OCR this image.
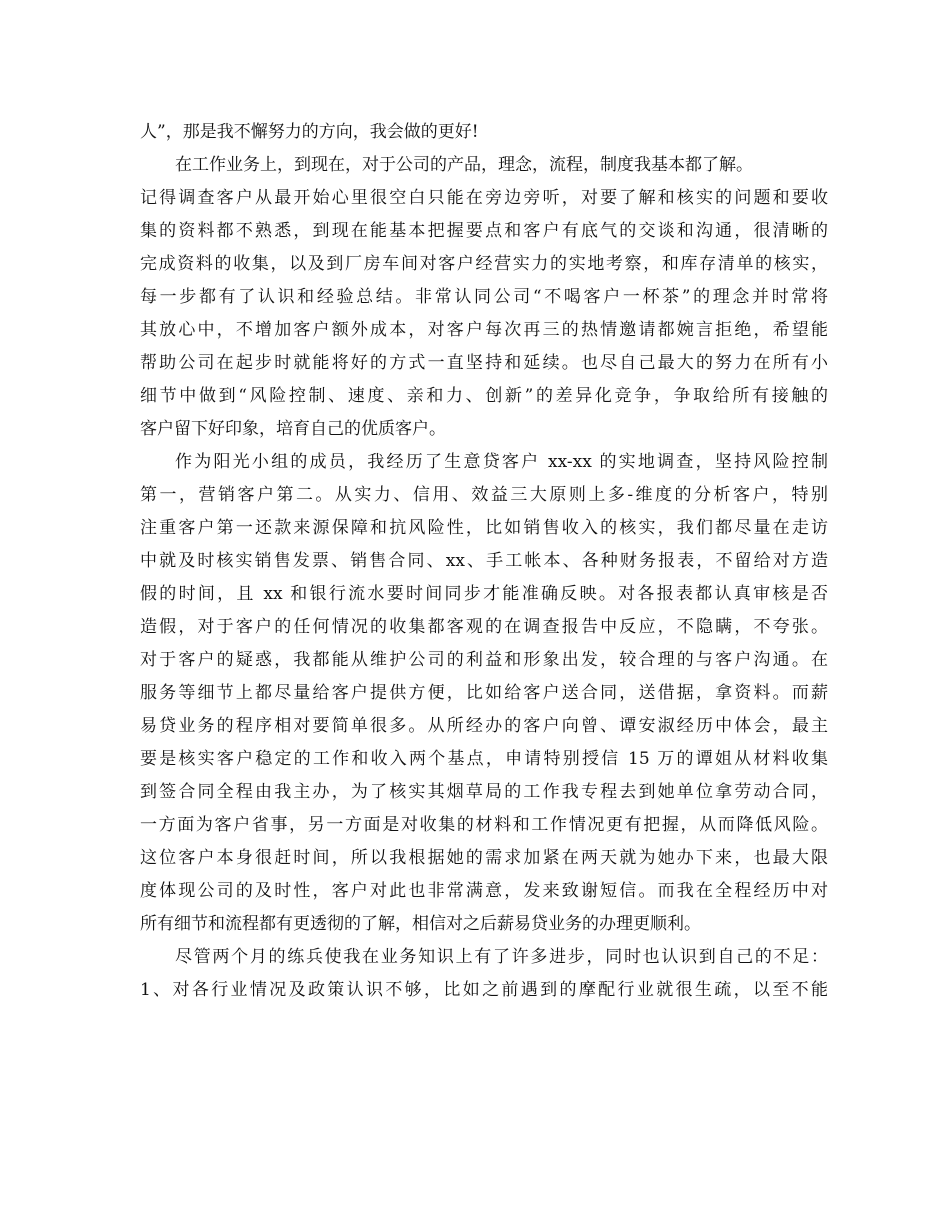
人”，那是我不懈努力的方向，我会做的更好!
在工作业务上，到现在，对于公司的产品，理念，流程，制度我基本都了解。
记得调查客户从最开始心里很空白只能在旁边旁听，对要了解和核实的问题和要收
集的资料都不熟悉，到现在能基本把握要点和客户有底气的交谈和沟通，很清晰的
完成资料的收集，以及到厂房车间对客户经营实力的实地考察，和库存清单的核实，
每一步都有了认识和经验总结。非常认同公司“不喝客户一杯茶”的理念并时常将
其放心中，不增加客户额外成本，对客户每次再三的热情邀请都婉言拒绝，希望能
帮助公司在起步时就能将好的方式一直坚持和延续。也尽自己最大的努力在所有小
细节中做到“风险控制、速度、亲和力、创新”的差异化竞争，争取给所有接触的
客户留下好印象，培育自己的优质客户。
作为阳光小组的成员，我经历了生意贷客户 xx-xx 的实地调查，坚持风险控制
第一，营销客户第二。从实力、信用、效益三大原则上多-维度的分析客户，特别
注重客户第一还款来源保障和抗风险性，比如销售收入的核实，我们都尽量在走访
中就及时核实销售发票、销售合同、xx、手工帐本、各种财务报表，不留给对方造
假的时间，且 xx 和银行流水要时间同步才能准确反映。对各报表都认真审核是否
造假，对于客户的任何情况的收集都客观的在调查报告中反应，不隐瞒，不夸张。
对于客户的疑惑，我都能从维护公司的利益和形象出发，较合理的与客户沟通。在
服务等细节上都尽量给客户提供方便，比如给客户送合同，送借据，拿资料。而薪
易贷业务的程序相对要简单很多。从所经办的客户向曾、谭安淑经历中体会，最主
要是核实客户稳定的工作和收入两个基点，申请特别授信 15 万的谭姐从材料收集
到签合同全程由我主办，为了核实其烟草局的工作我专程去到她单位拿劳动合同，
一方面为客户省事，另一方面是对收集的材料和工作情况更有把握，从而降低风险。
这位客户本身很赶时间，所以我根据她的需求加紧在两天就为她办下来，也最大限
度体现公司的及时性，客户对此也非常满意，发来致谢短信。而我在全程经历中对
所有细节和流程都有更透彻的了解，相信对之后薪易贷业务的办理更顺利。
尽管两个月的练兵使我在业务知识上有了许多进步，同时也认识到自己的不足：
1、对各行业情况及政策认识不够，比如之前遇到的摩配行业就很生疏，以至不能
